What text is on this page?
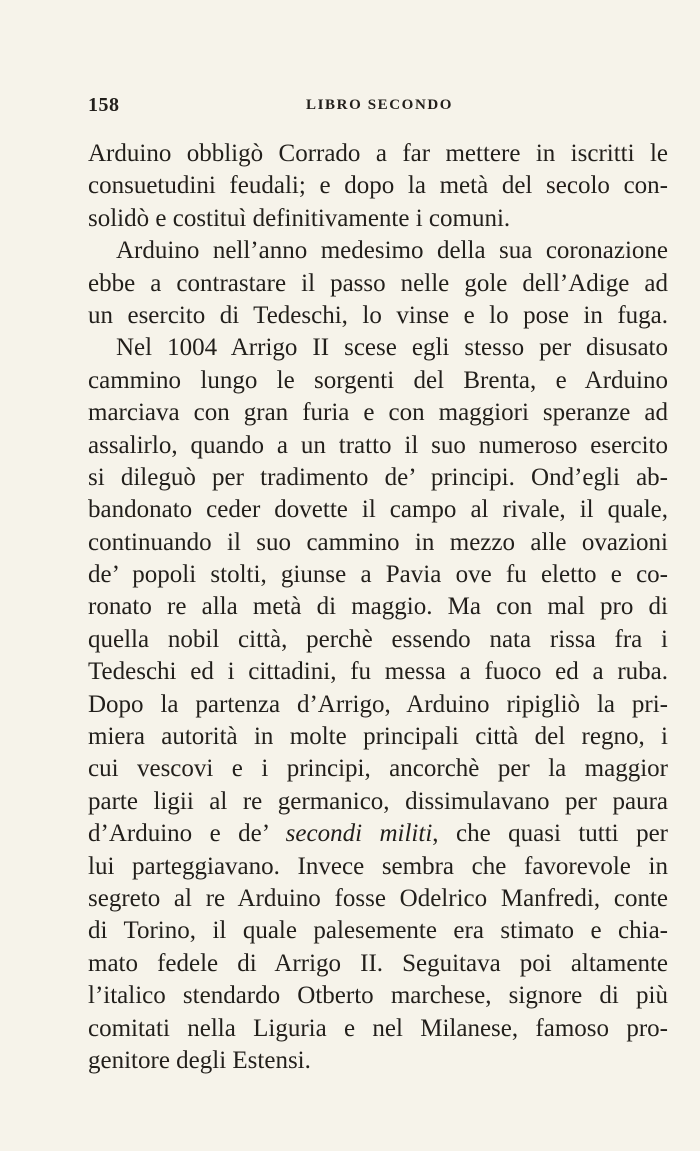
158	LIBRO SECONDO
Arduino obbligò Corrado a far mettere in iscritti le
consuetudini feudali; e dopo la metà del secolo con-
solidò e costituì definitivamente i comuni.
Arduino nell’anno medesimo della sua coronazione
ebbe a contrastare il passo nelle gole dell’Adige ad
un esercito di Tedeschi, lo vinse e lo pose in fuga.
Nel 1004 Arrigo II scese egli stesso per disusato
cammino lungo le sorgenti del Brenta, e Arduino
marciava con gran furia e con maggiori speranze ad
assalirlo, quando a un tratto il suo numeroso esercito
si dileguò per tradimento de’ principi. Ond’egli ab-
bandonato ceder dovette il campo al rivale, il quale,
continuando il suo cammino in mezzo alle ovazioni
de’ popoli stolti, giunse a Pavia ove fu eletto e co-
ronato re alla metà di maggio. Ma con mal pro di
quella nobil città, perchè essendo nata rissa fra i
Tedeschi ed i cittadini, fu messa a fuoco ed a ruba.
Dopo la partenza d’Arrigo, Arduino ripigliò la pri-
miera autorità in molte principali città del regno, i
cui vescovi e i principi, ancorchè per la maggior
parte ligii al re germanico, dissimulavano per paura
d’Arduino e de’ secondi militi, che quasi tutti per
lui parteggiavano. Invece sembra che favorevole in
segreto al re Arduino fosse Odelrico Manfredi, conte
di Torino, il quale palesemente era stimato e chia-
mato fedele di Arrigo II. Seguitava poi altamente
l’italico stendardo Otberto marchese, signore di più
comitati nella Liguria e nel Milanese, famoso pro-
genitore degli Estensi.
